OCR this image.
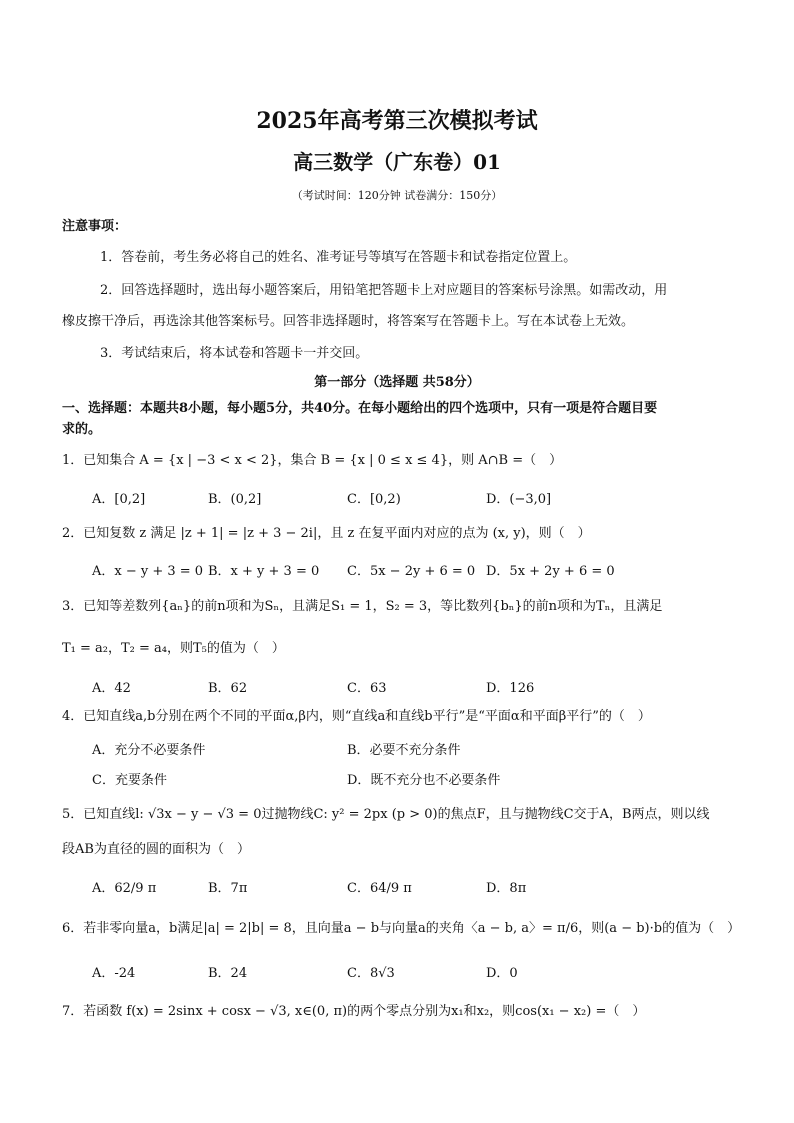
2025年高考第三次模拟考试
高三数学（广东卷）01
（考试时间：120分钟 试卷满分：150分）
注意事项：
1．答卷前，考生务必将自己的姓名、准考证号等填写在答题卡和试卷指定位置上。
2．回答选择题时，选出每小题答案后，用铅笔把答题卡上对应题目的答案标号涂黑。如需改动，用
橡皮擦干净后，再选涂其他答案标号。回答非选择题时，将答案写在答题卡上。写在本试卷上无效。
3．考试结束后，将本试卷和答题卡一并交回。
第一部分（选择题 共58分）
一、选择题：本题共8小题，每小题5分，共40分。在每小题给出的四个选项中，只有一项是符合题目要
求的。
1．已知集合 A = {x | −3 < x < 2}，集合 B = {x | 0 ≤ x ≤ 4}，则 A∩B =（　）
A．[0,2]	B．(0,2]	C．[0,2)	D．(−3,0]
2．已知复数 z 满足 |z + 1| = |z + 3 − 2i|，且 z 在复平面内对应的点为 (x, y)，则（　）
A．x − y + 3 = 0 B．x + y + 3 = 0 C．5x − 2y + 6 = 0 D．5x + 2y + 6 = 0
3．已知等差数列{aₙ}的前n项和为Sₙ，且满足S₁ = 1，S₂ = 3，等比数列{bₙ}的前n项和为Tₙ，且满足
T₁ = a₂，T₂ = a₄，则T₅的值为（　）
A．42	B．62	C．63	D．126
4．已知直线a,b分别在两个不同的平面α,β内，则“直线a和直线b平行”是“平面α和平面β平行”的（　）
A．充分不必要条件	B．必要不充分条件
C．充要条件	D．既不充分也不必要条件
5．已知直线l: √3x − y − √3 = 0过抛物线C: y² = 2px (p > 0)的焦点F，且与抛物线C交于A，B两点，则以线
段AB为直径的圆的面积为（　）
A．62/9 π	B．7π	C．64/9 π	D．8π
6．若非零向量a，b满足|a| = 2|b| = 8，且向量a − b与向量a的夹角〈a − b, a〉= π/6，则(a − b)·b的值为（　）
A．-24	B．24	C．8√3	D．0
7．若函数 f(x) = 2sinx + cosx − √3, x∈(0, π)的两个零点分别为x₁和x₂，则cos(x₁ − x₂) =（　）
